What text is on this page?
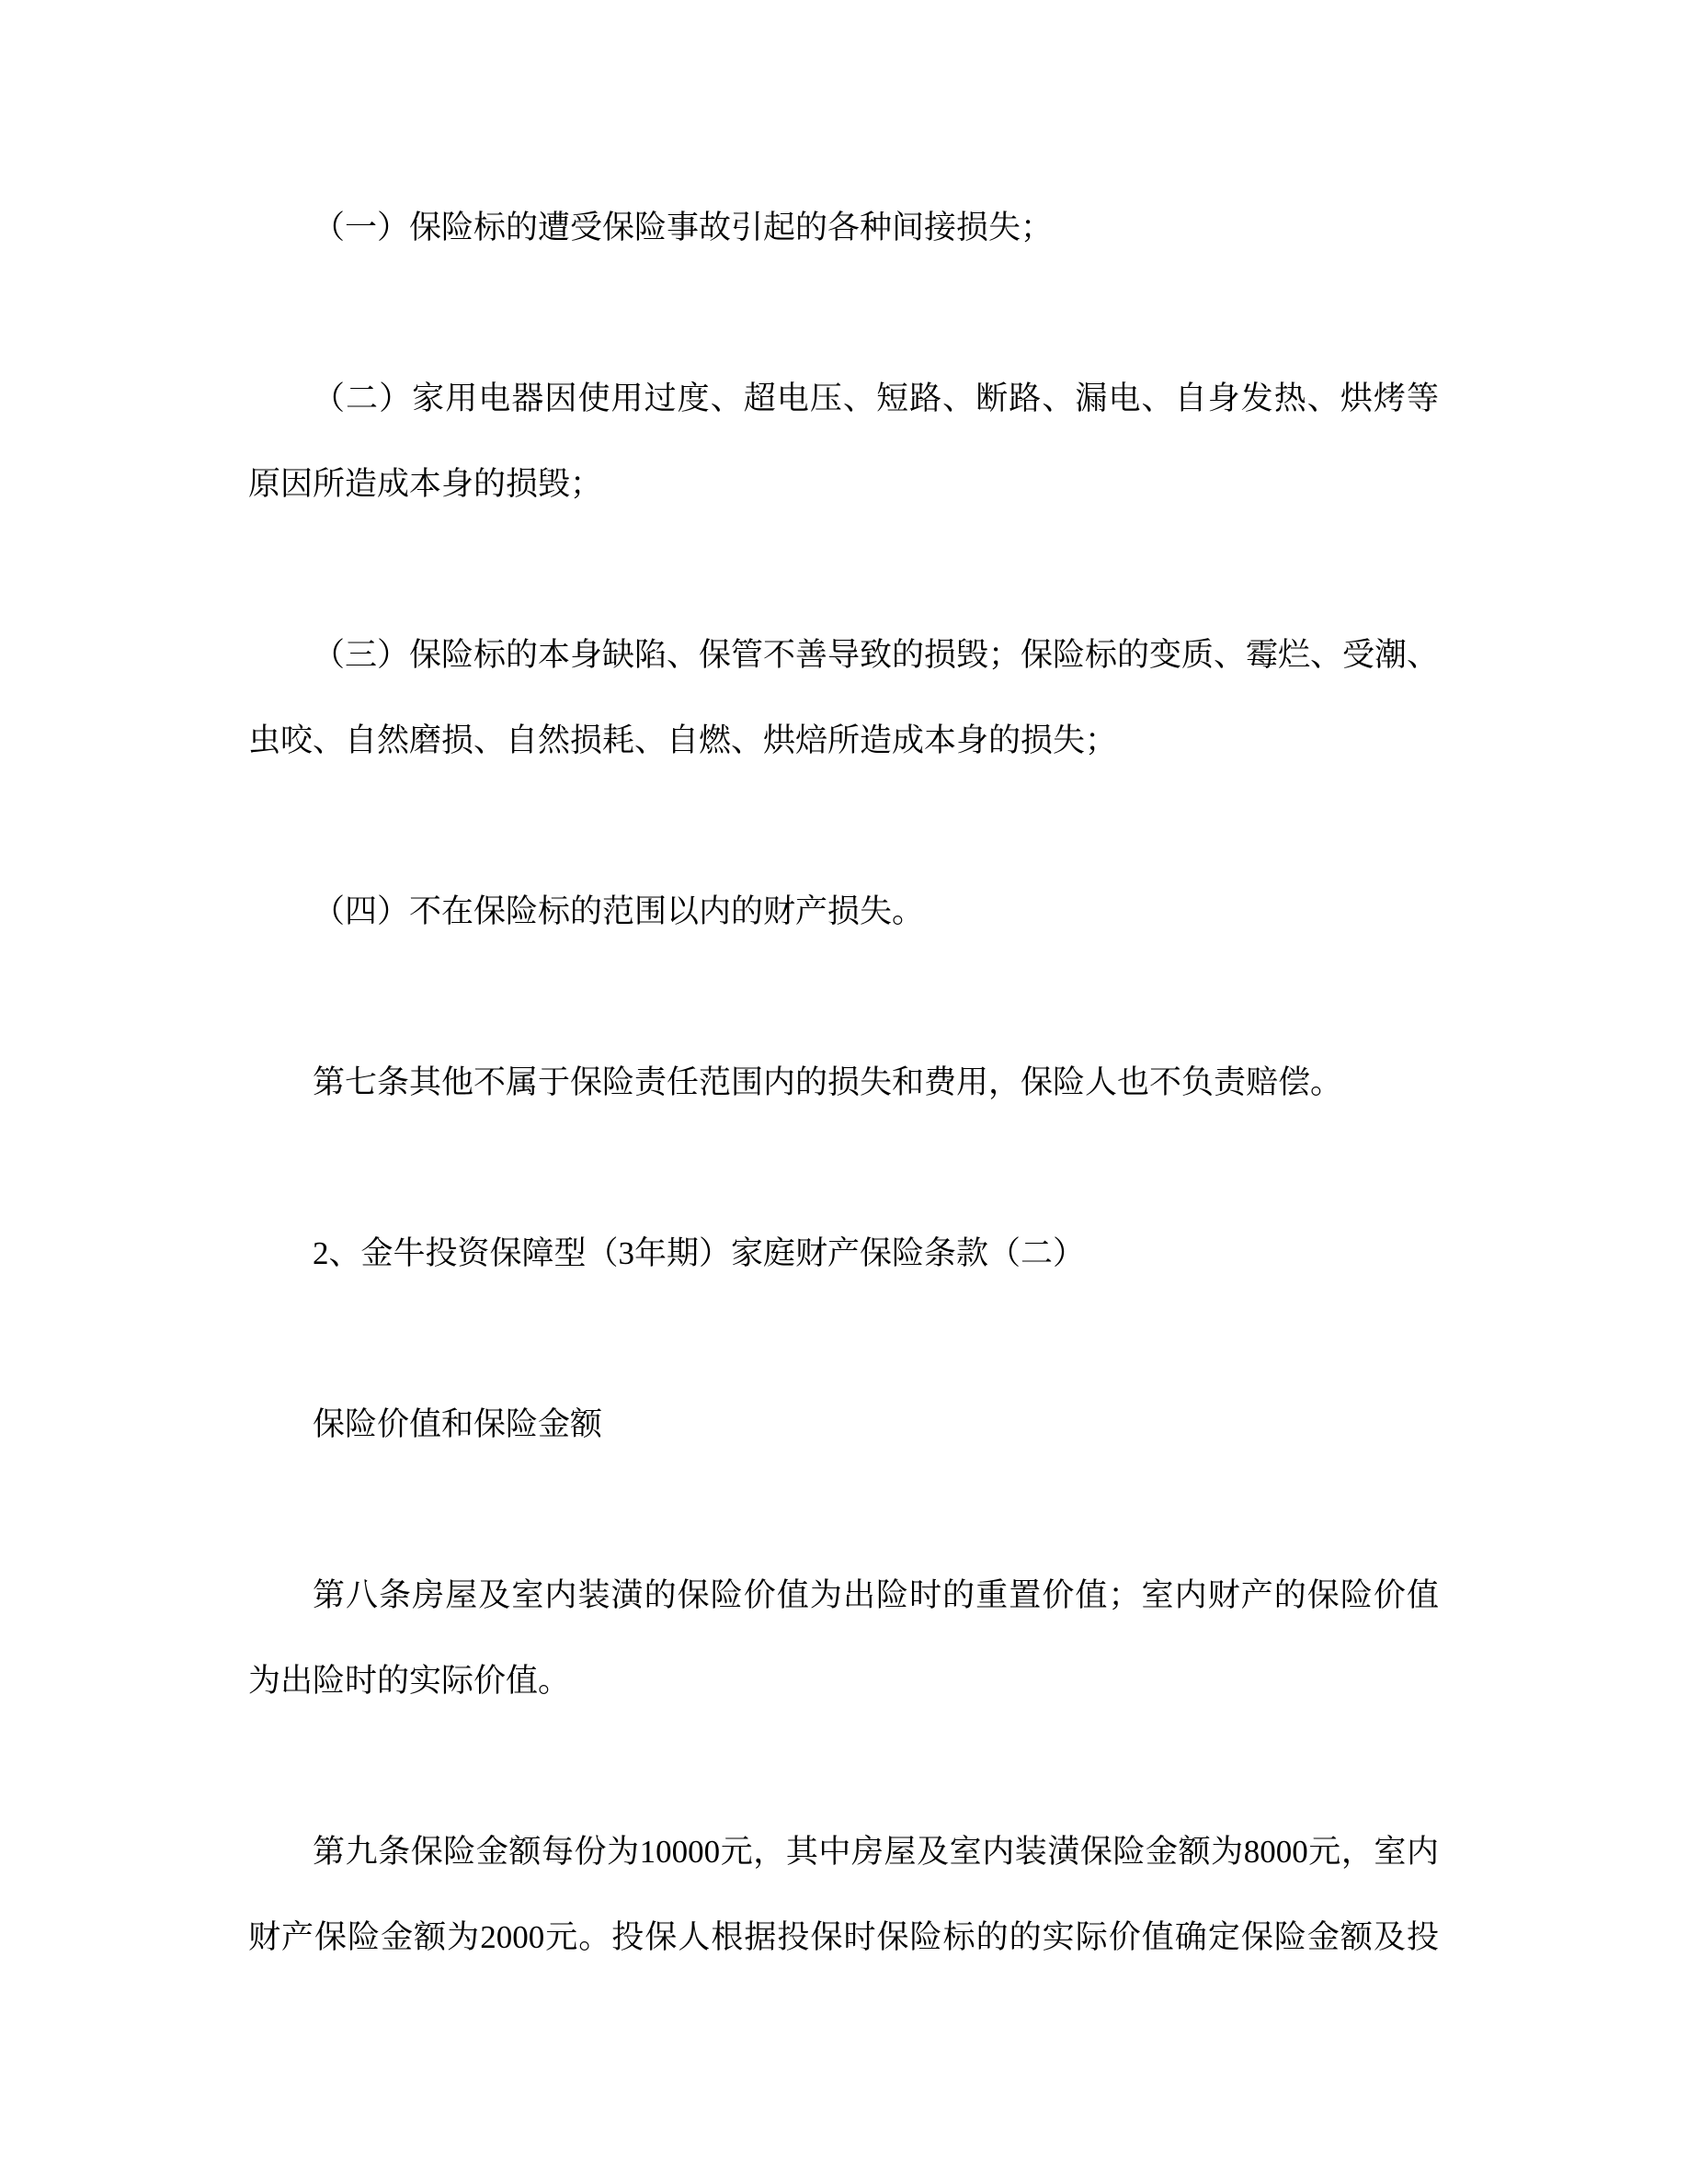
（一）保险标的遭受保险事故引起的各种间接损失；
（二）家用电器因使用过度、超电压、短路、断路、漏电、自身发热、烘烤等
原因所造成本身的损毁；
（三）保险标的本身缺陷、保管不善导致的损毁；保险标的变质、霉烂、受潮、
虫咬、自然磨损、自然损耗、自燃、烘焙所造成本身的损失；
（四）不在保险标的范围以内的财产损失。
第七条其他不属于保险责任范围内的损失和费用，保险人也不负责赔偿。
2、金牛投资保障型（3年期）家庭财产保险条款（二）
保险价值和保险金额
第八条房屋及室内装潢的保险价值为出险时的重置价值；室内财产的保险价值
为出险时的实际价值。
第九条保险金额每份为10000元，其中房屋及室内装潢保险金额为8000元，室内
财产保险金额为2000元。投保人根据投保时保险标的的实际价值确定保险金额及投
